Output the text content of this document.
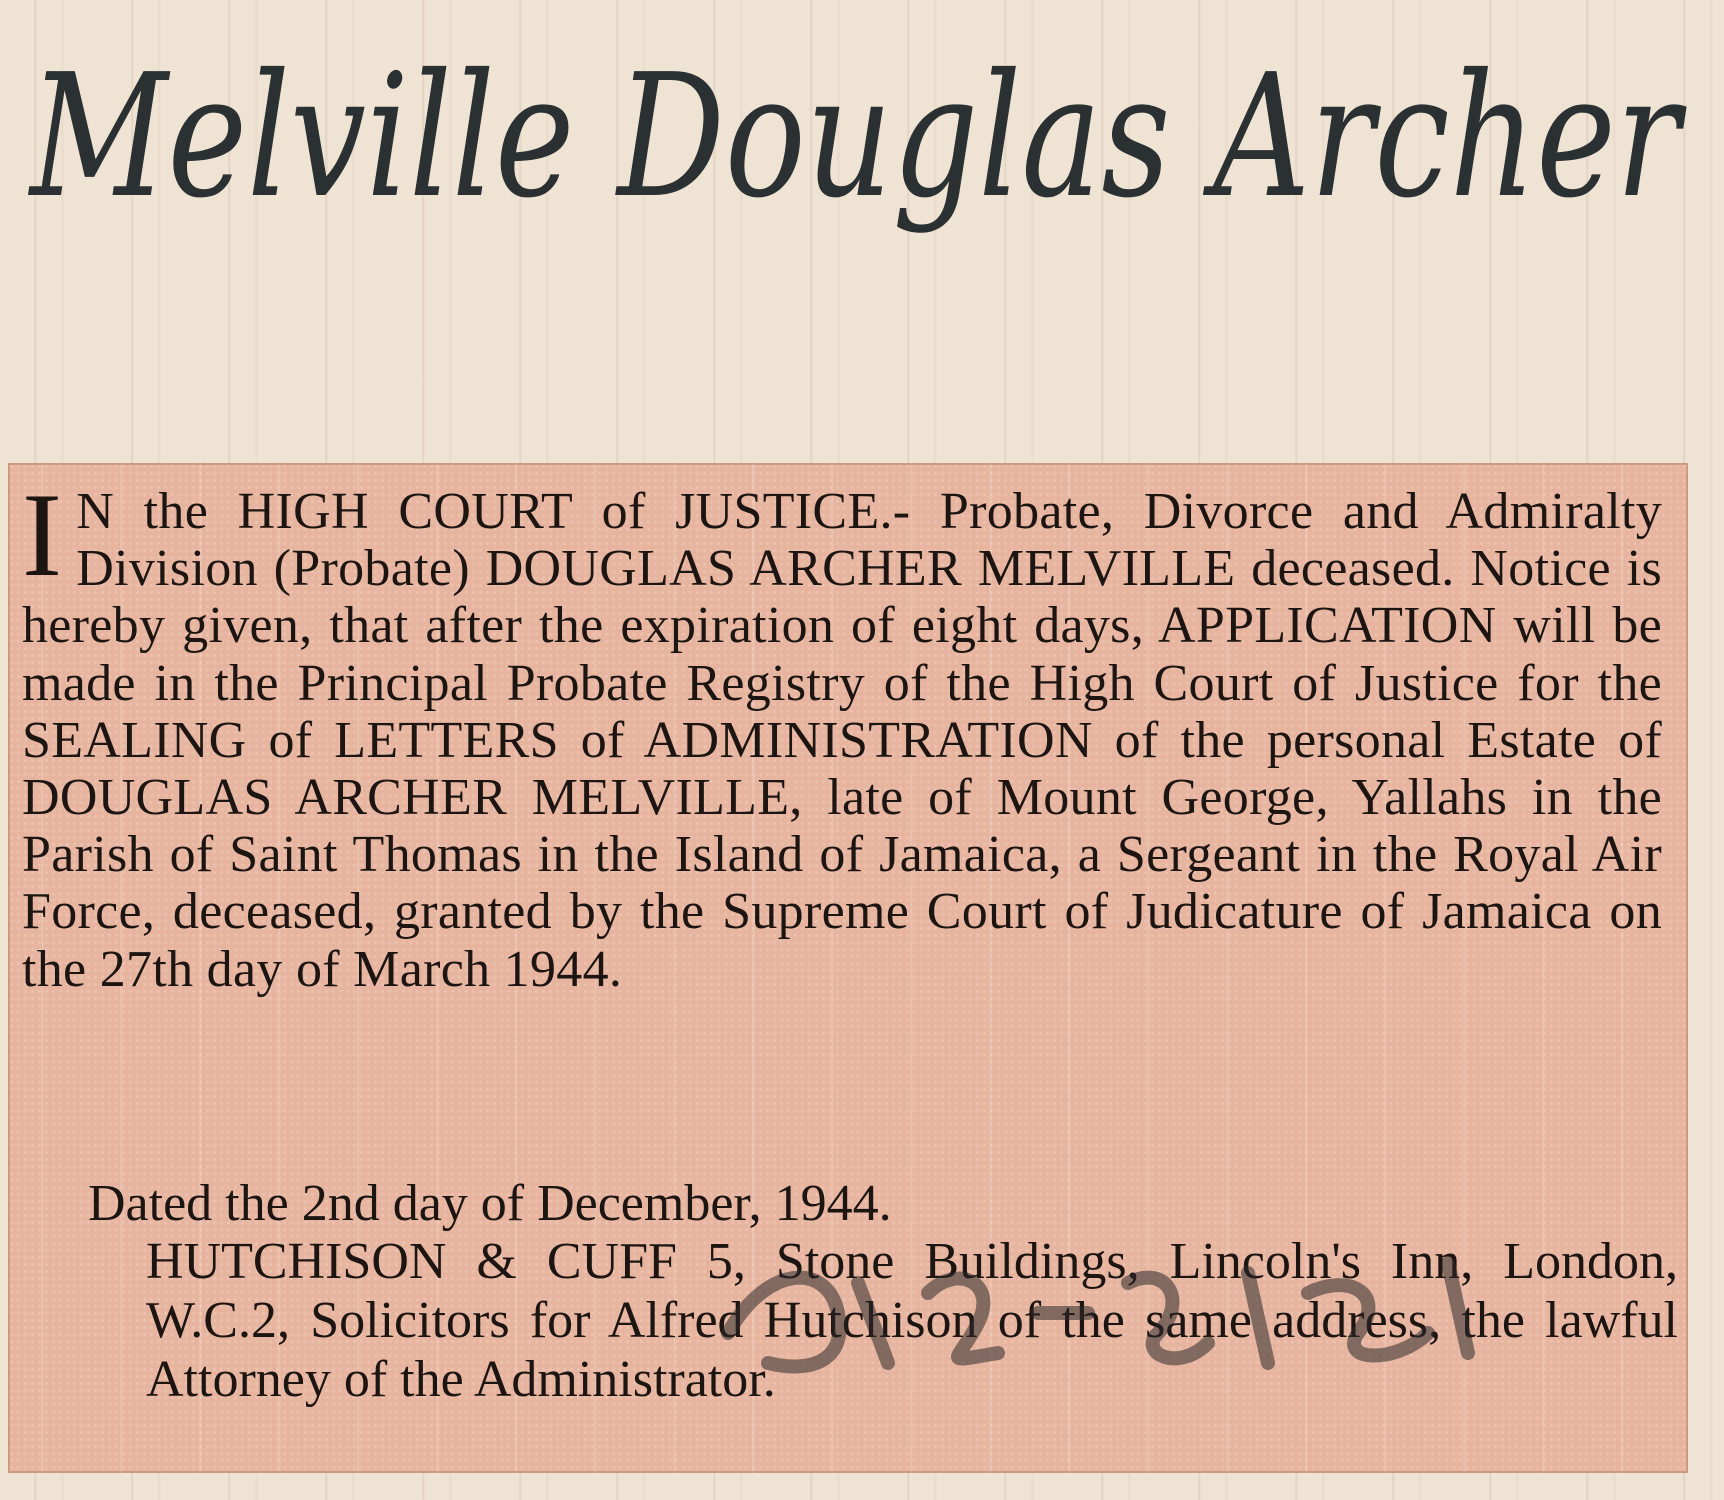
Melville Douglas Archer
I N the HIGH COURT of JUSTICE.- Probate, Divorce and Admiralty Division (Probate) DOUGLAS ARCHER MELVILLE deceased. Notice is hereby given, that after the expiration of eight days, APPLICATION will be made in the Principal Probate Registry of the High Court of Justice for the SEALING of LETTERS of ADMINISTRATION of the personal Estate of DOUGLAS ARCHER MELVILLE, late of Mount George, Yallahs in the Parish of Saint Thomas in the Island of Jamaica, a Sergeant in the Royal Air Force, deceased, granted by the Supreme Court of Judicature of Jamaica on the 27th day of March 1944.

Dated the 2nd day of December, 1944.

HUTCHISON & CUFF 5, Stone Buildings, Lincoln's Inn, London, W.C.2, Solicitors for Alfred Hutchison of the same address, the lawful Attorney of the Administrator.
